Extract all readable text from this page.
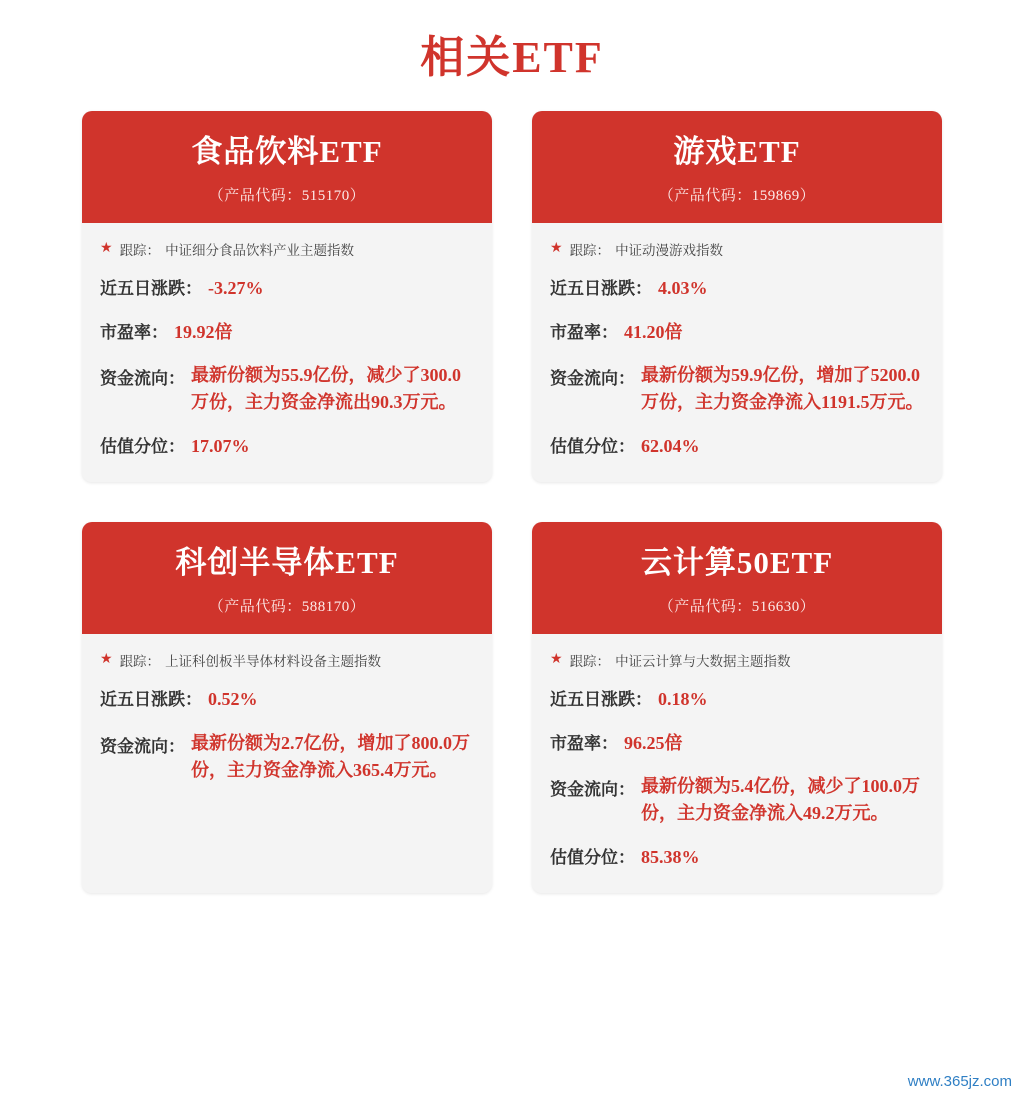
相关ETF
食品饮料ETF
（产品代码：515170）
★ 跟踪： 中证细分食品饮料产业主题指数
近五日涨跌： -3.27%
市盈率： 19.92倍
资金流向： 最新份额为55.9亿份，减少了300.0万份，主力资金净流出90.3万元。
估值分位： 17.07%
游戏ETF
（产品代码：159869）
★ 跟踪： 中证动漫游戏指数
近五日涨跌： 4.03%
市盈率： 41.20倍
资金流向： 最新份额为59.9亿份，增加了5200.0万份，主力资金净流入1191.5万元。
估值分位： 62.04%
科创半导体ETF
（产品代码：588170）
★ 跟踪： 上证科创板半导体材料设备主题指数
近五日涨跌： 0.52%
资金流向： 最新份额为2.7亿份，增加了800.0万份，主力资金净流入365.4万元。
云计算50ETF
（产品代码：516630）
★ 跟踪： 中证云计算与大数据主题指数
近五日涨跌： 0.18%
市盈率： 96.25倍
资金流向： 最新份额为5.4亿份，减少了100.0万份，主力资金净流入49.2万元。
估值分位： 85.38%
www.365jz.com
